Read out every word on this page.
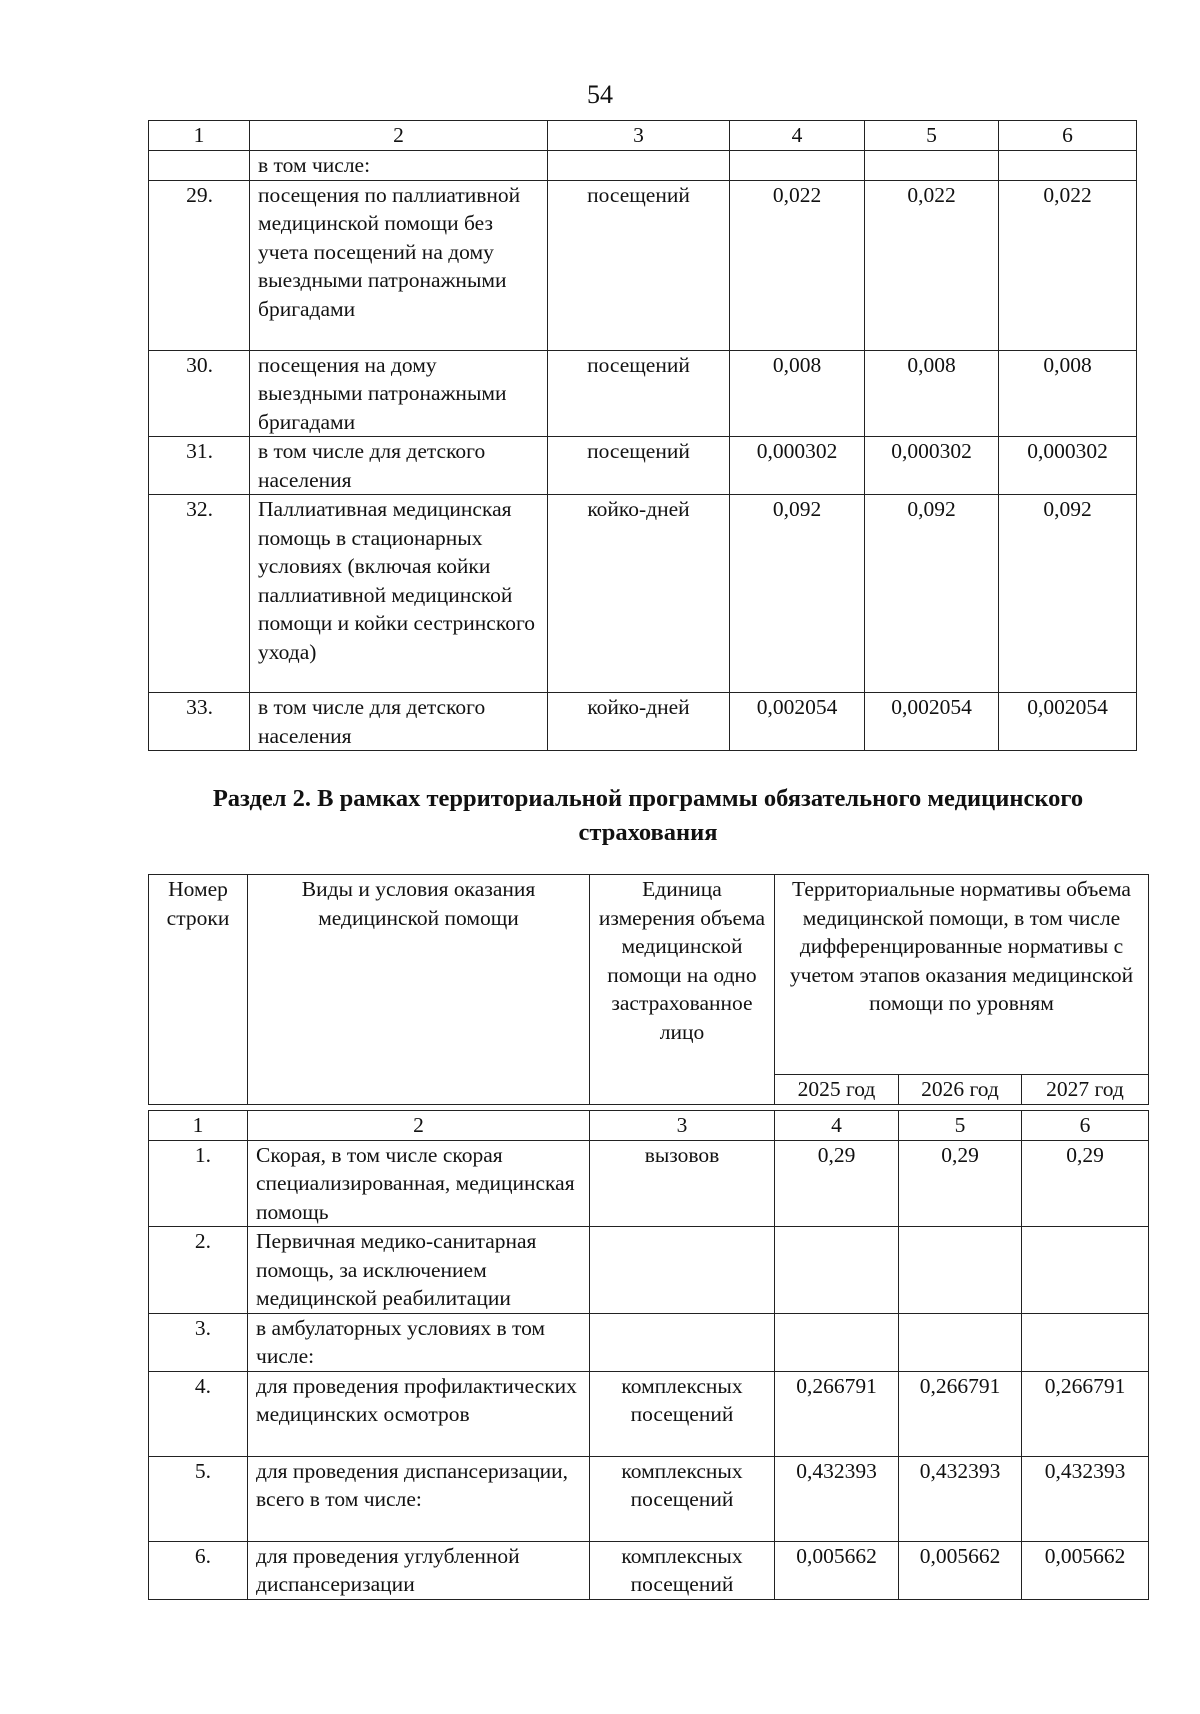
54
1	2	3	4	5	6
	в том числе:				
29.	посещения по паллиативной медицинской помощи без учета посещений на дому выездными патронажными бригадами	посещений	0,022	0,022	0,022
30.	посещения на дому выездными патронажными бригадами	посещений	0,008	0,008	0,008
31.	в том числе для детского населения	посещений	0,000302	0,000302	0,000302
32.	Паллиативная медицинская помощь в стационарных условиях (включая койки паллиативной медицинской помощи и койки сестринского ухода)	койко-дней	0,092	0,092	0,092
33.	в том числе для детского населения	койко-дней	0,002054	0,002054	0,002054
Раздел 2. В рамках территориальной программы обязательного медицинского страхования
Номер строки	Виды и условия оказания медицинской помощи	Единица измерения объема медицинской помощи на одно застрахованное лицо	Территориальные нормативы объема медицинской помощи, в том числе дифференцированные нормативы с учетом этапов оказания медицинской помощи по уровням		
			2025 год	2026 год	2027 год
1	2	3	4	5	6
1.	Скорая, в том числе скорая специализированная, медицинская помощь	вызовов	0,29	0,29	0,29
2.	Первичная медико-санитарная помощь, за исключением медицинской реабилитации				
3.	в амбулаторных условиях в том числе:				
4.	для проведения профилактических медицинских осмотров	комплексных посещений	0,266791	0,266791	0,266791
5.	для проведения диспансеризации, всего в том числе:	комплексных посещений	0,432393	0,432393	0,432393
6.	для проведения углубленной диспансеризации	комплексных посещений	0,005662	0,005662	0,005662
